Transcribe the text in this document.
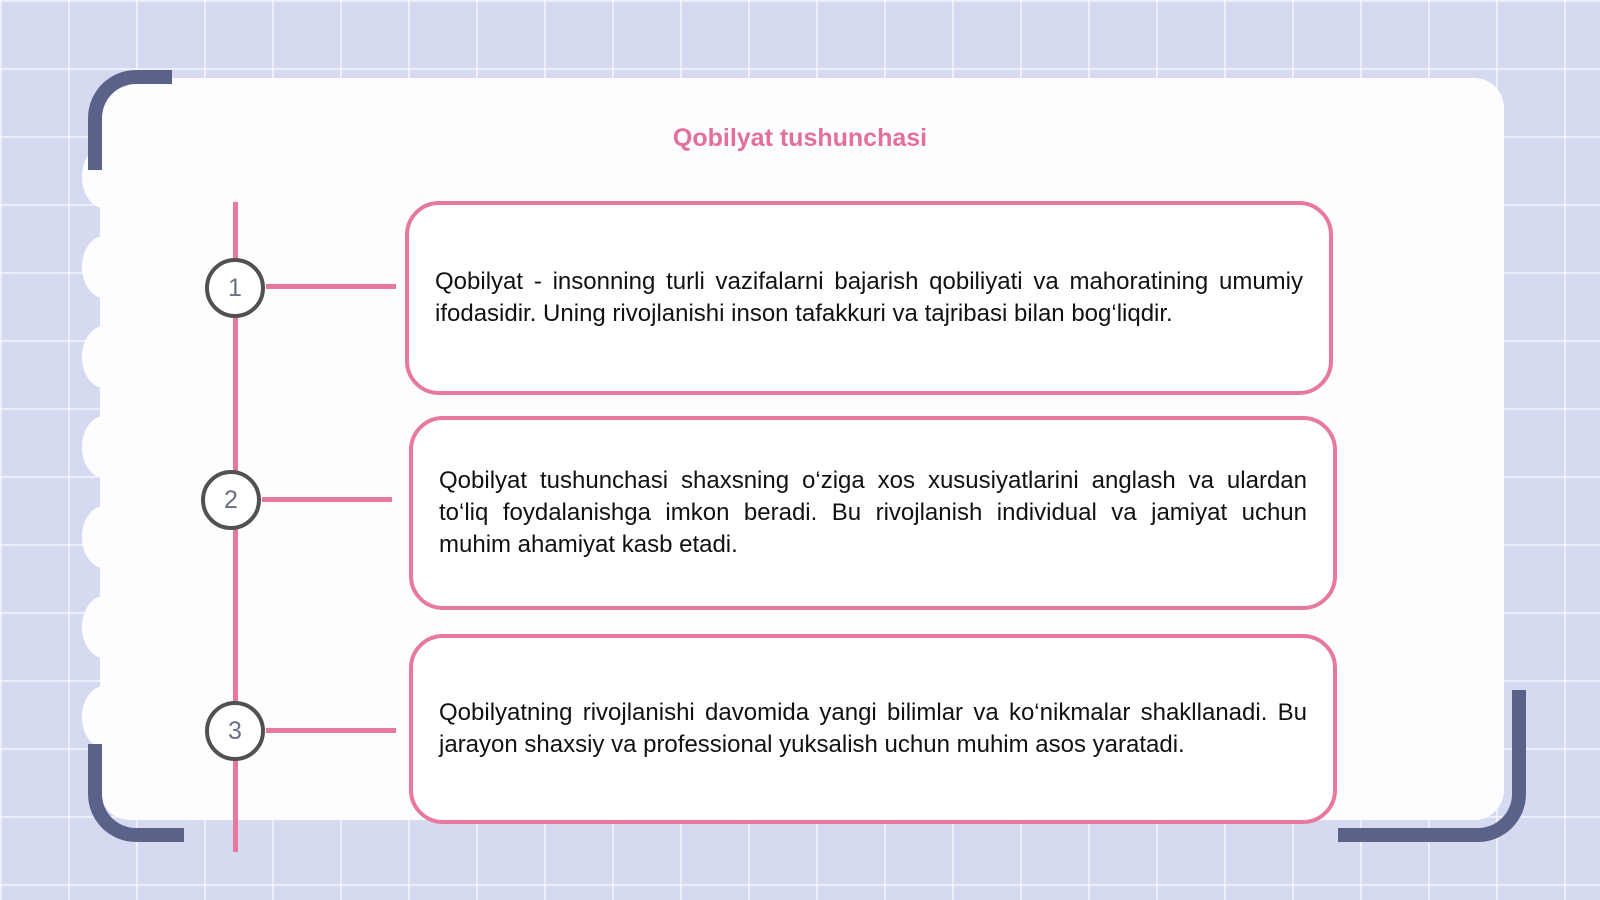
Qobilyat tushunchasi
1
2
3

Qobilyat - insonning turli vazifalarni bajarish qobiliyati va mahoratining umumiy ifodasidir. Uning rivojlanishi inson tafakkuri va tajribasi bilan bog‘liqdir.

Qobilyat tushunchasi shaxsning o‘ziga xos xususiyatlarini anglash va ulardan to‘liq foydalanishga imkon beradi. Bu rivojlanish individual va jamiyat uchun muhim ahamiyat kasb etadi.

Qobilyatning rivojlanishi davomida yangi bilimlar va ko‘nikmalar shakllanadi. Bu jarayon shaxsiy va professional yuksalish uchun muhim asos yaratadi.
